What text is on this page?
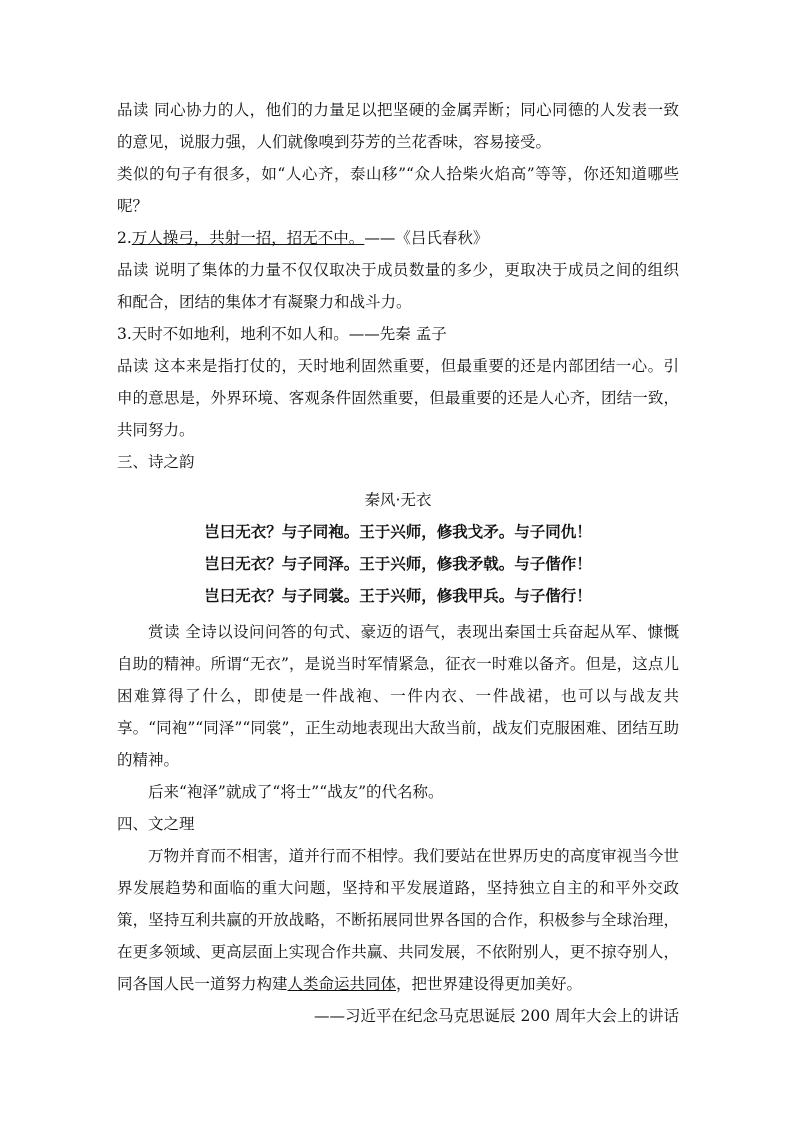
品读 同心协力的人，他们的力量足以把坚硬的金属弄断；同心同德的人发表一致的意见，说服力强，人们就像嗅到芬芳的兰花香味，容易接受。

类似的句子有很多，如“人心齐，泰山移”“众人拾柴火焰高”等等，你还知道哪些呢？

2.万人操弓，共射一招，招无不中。——《吕氏春秋》

品读 说明了集体的力量不仅仅取决于成员数量的多少，更取决于成员之间的组织和配合，团结的集体才有凝聚力和战斗力。

3.天时不如地利，地利不如人和。——先秦 孟子

品读 这本来是指打仗的，天时地利固然重要，但最重要的还是内部团结一心。引申的意思是，外界环境、客观条件固然重要，但最重要的还是人心齐，团结一致，共同努力。

三、诗之韵

秦风·无衣

岂曰无衣？与子同袍。王于兴师，修我戈矛。与子同仇！

岂曰无衣？与子同泽。王于兴师，修我矛戟。与子偕作！

岂曰无衣？与子同裳。王于兴师，修我甲兵。与子偕行！

赏读 全诗以设问问答的句式、豪迈的语气，表现出秦国士兵奋起从军、慷慨自助的精神。所谓“无衣”，是说当时军情紧急，征衣一时难以备齐。但是，这点儿困难算得了什么，即使是一件战袍、一件内衣、一件战裙，也可以与战友共享。“同袍”“同泽”“同裳”，正生动地表现出大敌当前，战友们克服困难、团结互助的精神。

后来“袍泽”就成了“将士”“战友”的代名称。

四、文之理

万物并育而不相害，道并行而不相悖。我们要站在世界历史的高度审视当今世界发展趋势和面临的重大问题，坚持和平发展道路，坚持独立自主的和平外交政策，坚持互利共赢的开放战略，不断拓展同世界各国的合作，积极参与全球治理，在更多领域、更高层面上实现合作共赢、共同发展，不依附别人，更不掠夺别人，同各国人民一道努力构建人类命运共同体，把世界建设得更加美好。

——习近平在纪念马克思诞辰 200 周年大会上的讲话
